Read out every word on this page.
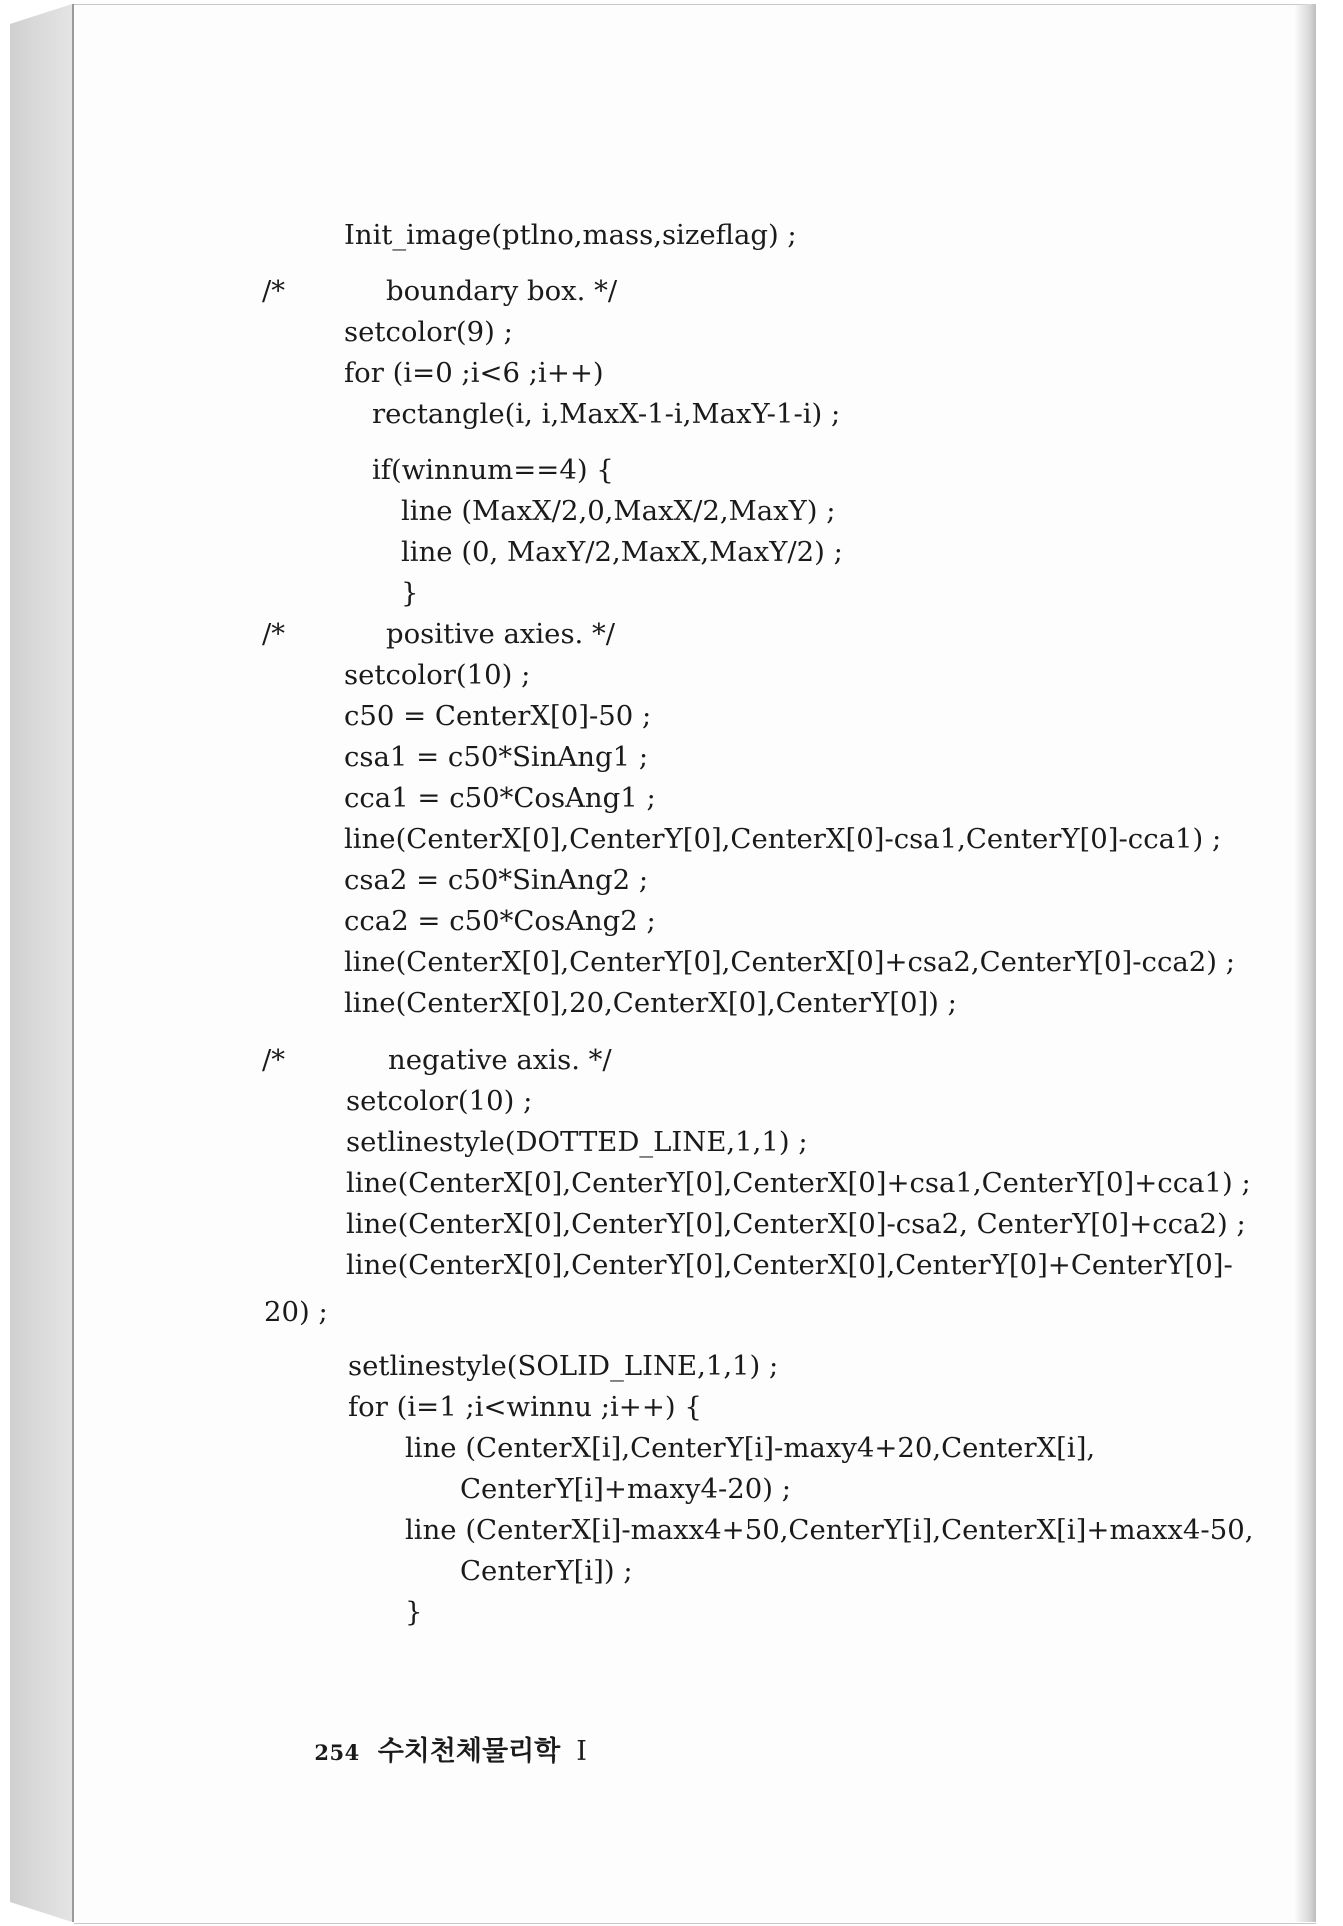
Init_image(ptlno,mass,sizeflag) ;

/*

	boundary box. */

setcolor(9) ;

for (i=0 ;i<6 ;i++)

rectangle(i, i,MaxX-1-i,MaxY-1-i) ;

if(winnum==4) {

line (MaxX/2,0,MaxX/2,MaxY) ;

line (0, MaxY/2,MaxX,MaxY/2) ;

}

/*

	positive axies. */

setcolor(10) ;

c50 = CenterX[0]-50 ;

csa1 = c50*SinAng1 ;

cca1 = c50*CosAng1 ;

line(CenterX[0],CenterY[0],CenterX[0]-csa1,CenterY[0]-cca1) ;

csa2 = c50*SinAng2 ;

cca2 = c50*CosAng2 ;

line(CenterX[0],CenterY[0],CenterX[0]+csa2,CenterY[0]-cca2) ;

line(CenterX[0],20,CenterX[0],CenterY[0]) ;

/*

	negative axis. */

setcolor(10) ;

setlinestyle(DOTTED_LINE,1,1) ;

line(CenterX[0],CenterY[0],CenterX[0]+csa1,CenterY[0]+cca1) ;

line(CenterX[0],CenterY[0],CenterX[0]-csa2, CenterY[0]+cca2) ;

line(CenterX[0],CenterY[0],CenterX[0],CenterY[0]+CenterY[0]-

20) ;

setlinestyle(SOLID_LINE,1,1) ;

for (i=1 ;i<winnu ;i++) {

line (CenterX[i],CenterY[i]-maxy4+20,CenterX[i],

CenterY[i]+maxy4-20) ;

line (CenterX[i]-maxx4+50,CenterY[i],CenterX[i]+maxx4-50,

CenterY[i]) ;

}

254 수치천체물리학 I
